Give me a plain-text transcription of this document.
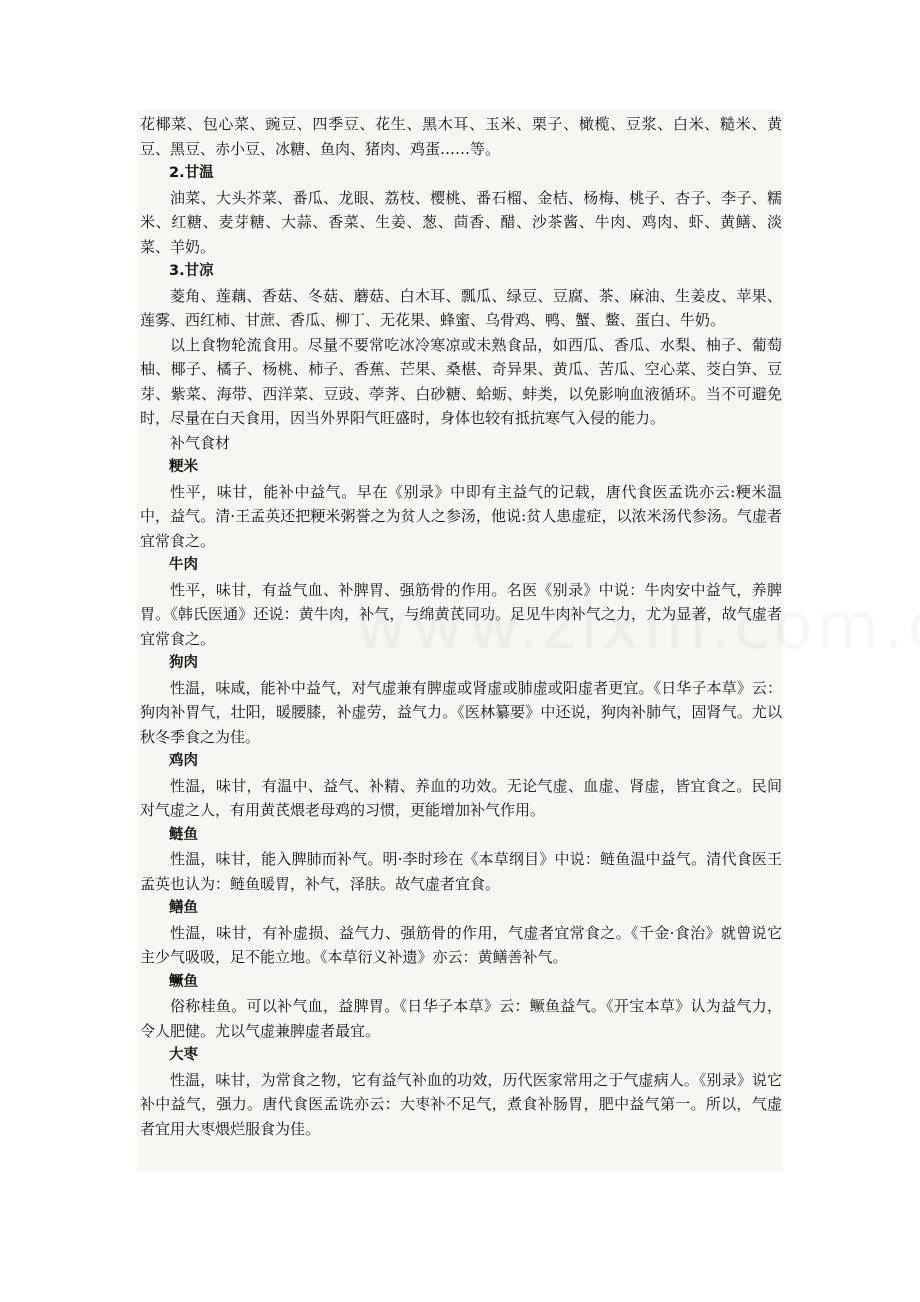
花椰菜、包心菜、豌豆、四季豆、花生、黑木耳、玉米、栗子、橄榄、豆浆、白米、糙米、黄豆、黑豆、赤小豆、冰糖、鱼肉、猪肉、鸡蛋……等。

2.甘温

油菜、大头芥菜、番瓜、龙眼、荔枝、樱桃、番石榴、金桔、杨梅、桃子、杏子、李子、糯米、红糖、麦芽糖、大蒜、香菜、生姜、葱、茴香、醋、沙茶酱、牛肉、鸡肉、虾、黄鳝、淡菜、羊奶。

3.甘凉

菱角、莲藕、香菇、冬菇、蘑菇、白木耳、瓢瓜、绿豆、豆腐、茶、麻油、生姜皮、苹果、莲雾、西红柿、甘蔗、香瓜、柳丁、无花果、蜂蜜、乌骨鸡、鸭、蟹、鳖、蛋白、牛奶。

以上食物轮流食用。尽量不要常吃冰冷寒凉或未熟食品，如西瓜、香瓜、水梨、柚子、葡萄柚、椰子、橘子、杨桃、柿子、香蕉、芒果、桑椹、奇异果、黄瓜、苦瓜、空心菜、茭白笋、豆芽、紫菜、海带、西洋菜、豆豉、荸荠、白砂糖、蛤蛎、蚌类，以免影响血液循环。当不可避免时，尽量在白天食用，因当外界阳气旺盛时，身体也较有抵抗寒气入侵的能力。

补气食材

粳米

性平，味甘，能补中益气。早在《别录》中即有主益气的记载，唐代食医孟诜亦云:粳米温中，益气。清·王孟英还把粳米粥誉之为贫人之参汤，他说:贫人患虚症，以浓米汤代参汤。气虚者宜常食之。

牛肉

性平，味甘，有益气血、补脾胃、强筋骨的作用。名医《别录》中说：牛肉安中益气，养脾胃。《韩氏医通》还说：黄牛肉，补气，与绵黄芪同功。足见牛肉补气之力，尤为显著，故气虚者宜常食之。

狗肉

性温，味咸，能补中益气，对气虚兼有脾虚或肾虚或肺虚或阳虚者更宜。《日华子本草》云：狗肉补胃气，壮阳，暖腰膝，补虚劳，益气力。《医林纂要》中还说，狗肉补肺气，固肾气。尤以秋冬季食之为佳。

鸡肉

性温，味甘，有温中、益气、补精、养血的功效。无论气虚、血虚、肾虚，皆宜食之。民间对气虚之人，有用黄芪煨老母鸡的习惯，更能增加补气作用。

鲢鱼

性温，味甘，能入脾肺而补气。明·李时珍在《本草纲目》中说：鲢鱼温中益气。清代食医王孟英也认为：鲢鱼暖胃，补气，泽肤。故气虚者宜食。

鳝鱼

性温，味甘，有补虚损、益气力、强筋骨的作用，气虚者宜常食之。《千金·食治》就曾说它主少气吸吸，足不能立地。《本草衍义补遗》亦云：黄鳝善补气。

鳜鱼

俗称桂鱼。可以补气血，益脾胃。《日华子本草》云：鳜鱼益气。《开宝本草》认为益气力，令人肥健。尤以气虚兼脾虚者最宜。

大枣

性温，味甘，为常食之物，它有益气补血的功效，历代医家常用之于气虚病人。《别录》说它补中益气，强力。唐代食医孟诜亦云：大枣补不足气，煮食补肠胃，肥中益气第一。所以，气虚者宜用大枣煨烂服食为佳。
